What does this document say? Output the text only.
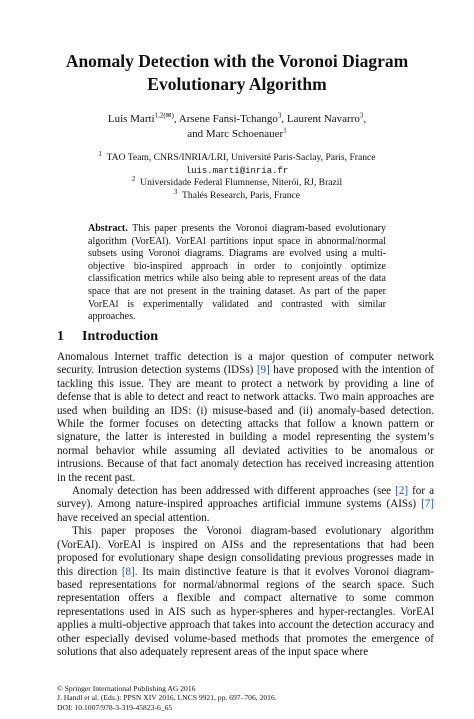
Anomaly Detection with the Voronoi Diagram
Evolutionary Algorithm
Luis Martí$^{1,2(✉)}$, Arsene Fansi-Tchango$^3$, Laurent Navarro$^3$,
and Marc Schoenauer$^1$
$^1$ TAO Team, CNRS/INRIA/LRI, Université Paris-Saclay, Paris, France
luis.marti@inria.fr
$^2$ Universidade Federal Flumnense, Niterói, RJ, Brazil
$^3$ Thalés Research, Paris, France
Abstract. This paper presents the Voronoi diagram-based evolutionary algorithm (VorEAl). VorEAl partitions input space in abnormal/normal subsets using Voronoi diagrams. Diagrams are evolved using a multi-objective bio-inspired approach in order to conjointly optimize classification metrics while also being able to represent areas of the data space that are not present in the training dataset. As part of the paper VorEAl is experimentally validated and contrasted with similar approaches.
1 Introduction

Anomalous Internet traffic detection is a major question of computer network security. Intrusion detection systems (IDSs) [9] have proposed with the intention of tackling this issue. They are meant to protect a network by providing a line of defense that is able to detect and react to network attacks. Two main approaches are used when building an IDS: (i) misuse-based and (ii) anomaly-based detection. While the former focuses on detecting attacks that follow a known pattern or signature, the latter is interested in building a model representing the system’s normal behavior while assuming all deviated activities to be anomalous or intrusions. Because of that fact anomaly detection has received increasing attention in the recent past.

Anomaly detection has been addressed with different approaches (see [2] for a survey). Among nature-inspired approaches artificial immune systems (AISs) [7] have received an special attention.

This paper proposes the Voronoi diagram-based evolutionary algorithm (VorEAl). VorEAl is inspired on AISs and the representations that had been proposed for evolutionary shape design consolidating previous progresses made in this direction [8]. Its main distinctive feature is that it evolves Voronoi diagram-based representations for normal/abnormal regions of the search space. Such representation offers a flexible and compact alternative to some common representations used in AIS such as hyper-spheres and hyper-rectangles. VorEAl applies a multi-objective approach that takes into account the detection accuracy and other especially devised volume-based methods that promotes the emergence of solutions that also adequately represent areas of the input space where

© Springer International Publishing AG 2016
J. Handl et al. (Eds.): PPSN XIV 2016, LNCS 9921, pp. 697–706, 2016.
DOI: 10.1007/978-3-319-45823-6_65
